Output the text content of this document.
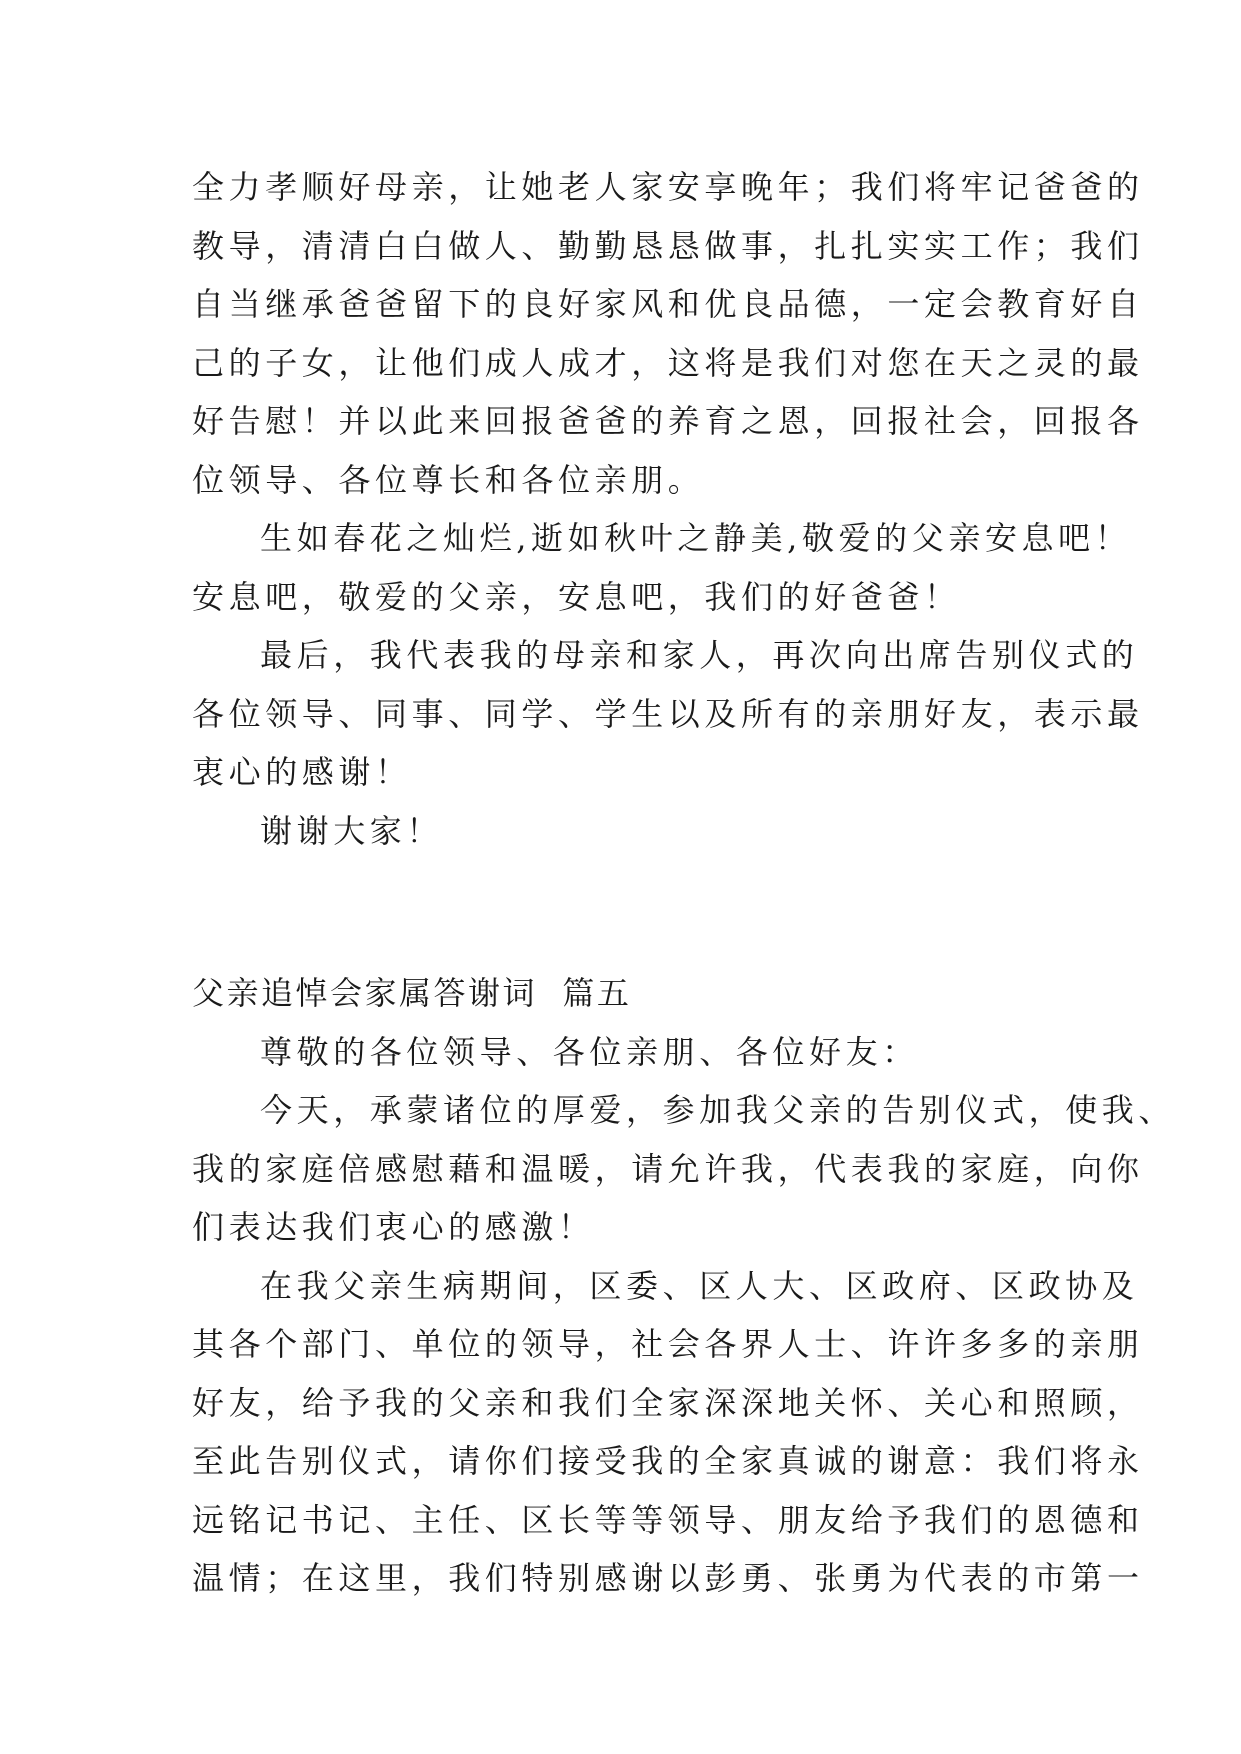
全力孝顺好母亲，让她老人家安享晚年；我们将牢记爸爸的
教导，清清白白做人、勤勤恳恳做事，扎扎实实工作；我们
自当继承爸爸留下的良好家风和优良品德，一定会教育好自
己的子女，让他们成人成才，这将是我们对您在天之灵的最
好告慰！并以此来回报爸爸的养育之恩，回报社会，回报各
位领导、各位尊长和各位亲朋。
生如春花之灿烂,逝如秋叶之静美,敬爱的父亲安息吧！
安息吧，敬爱的父亲，安息吧，我们的好爸爸！
最后，我代表我的母亲和家人，再次向出席告别仪式的
各位领导、同事、同学、学生以及所有的亲朋好友，表示最
衷心的感谢！
谢谢大家！
父亲追悼会家属答谢词  篇五
尊敬的各位领导、各位亲朋、各位好友：
今天，承蒙诸位的厚爱，参加我父亲的告别仪式，使我、
我的家庭倍感慰藉和温暖，请允许我，代表我的家庭，向你
们表达我们衷心的感激！
在我父亲生病期间，区委、区人大、区政府、区政协及
其各个部门、单位的领导，社会各界人士、许许多多的亲朋
好友，给予我的父亲和我们全家深深地关怀、关心和照顾，
至此告别仪式，请你们接受我的全家真诚的谢意：我们将永
远铭记书记、主任、区长等等领导、朋友给予我们的恩德和
温情；在这里，我们特别感谢以彭勇、张勇为代表的市第一
